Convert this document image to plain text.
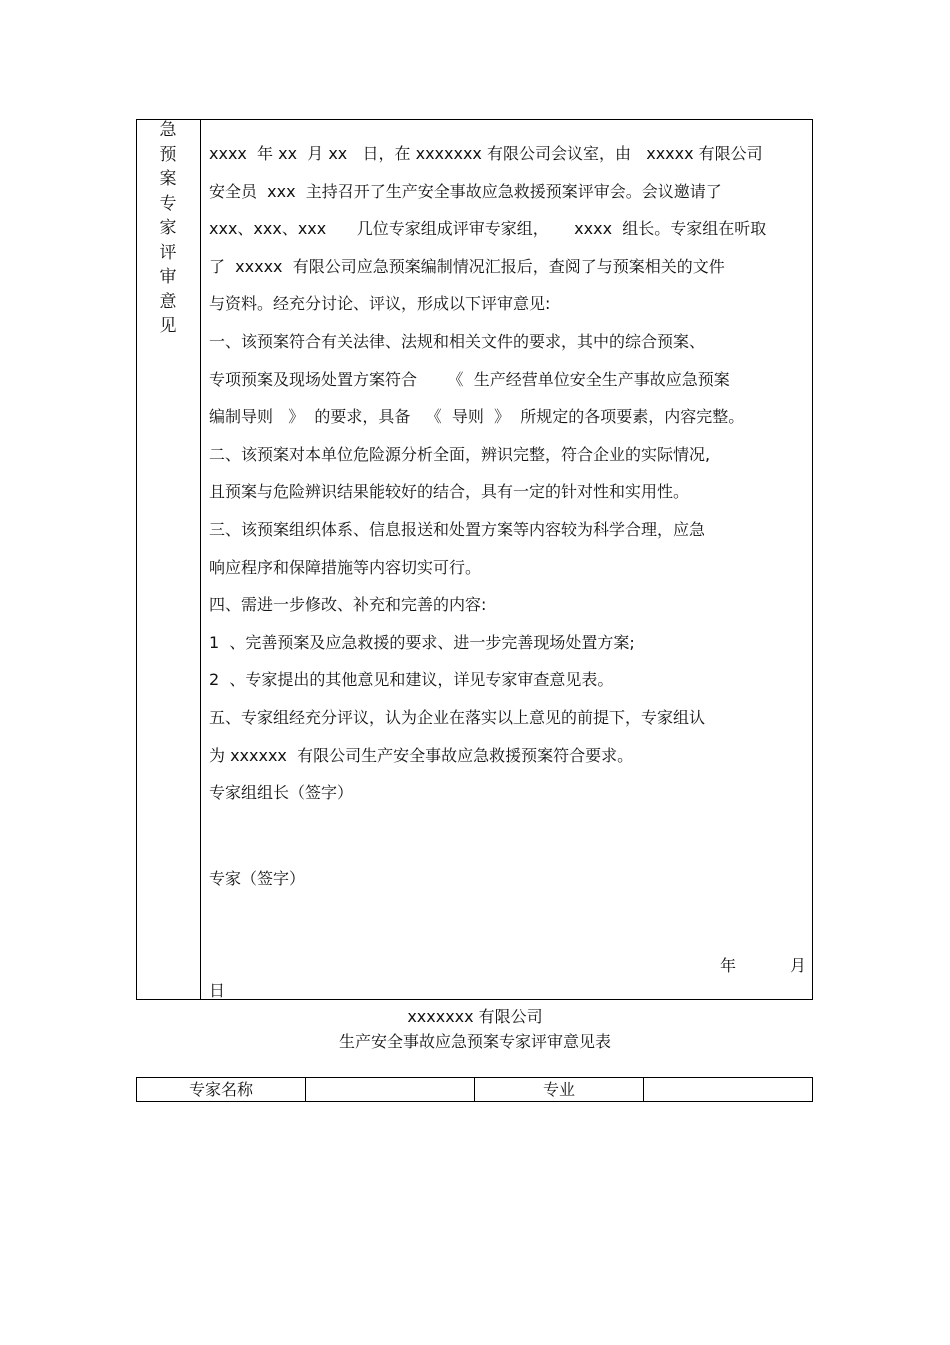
急
预
案
专
家
评
审
意
见
xxxx  年 xx  月 xx   日，在 xxxxxxx 有限公司会议室，由   xxxxx 有限公司
安全员  xxx  主持召开了生产安全事故应急救援预案评审会。会议邀请了
xxx、xxx、xxx      几位专家组成评审专家组，     xxxx  组长。专家组在听取
了  xxxxx  有限公司应急预案编制情况汇报后，查阅了与预案相关的文件
与资料。经充分讨论、评议，形成以下评审意见:
一、该预案符合有关法律、法规和相关文件的要求，其中的综合预案、
专项预案及现场处置方案符合      《  生产经营单位安全生产事故应急预案
编制导则   》  的要求，具备   《  导则  》  所规定的各项要素，内容完整。
二、该预案对本单位危险源分析全面，辨识完整，符合企业的实际情况,
且预案与危险辨识结果能较好的结合，具有一定的针对性和实用性。
三、该预案组织体系、信息报送和处置方案等内容较为科学合理，应急
响应程序和保障措施等内容切实可行。
四、需进一步修改、补充和完善的内容:
1  、完善预案及应急救援的要求、进一步完善现场处置方案;
2  、专家提出的其他意见和建议，详见专家审查意见表。
五、专家组经充分评议，认为企业在落实以上意见的前提下，专家组认
为 xxxxxx  有限公司生产安全事故应急救援预案符合要求。
专家组组长（签字）
专家（签字）
年	月
日
xxxxxxx 有限公司
生产安全事故应急预案专家评审意见表
专家名称	专业
